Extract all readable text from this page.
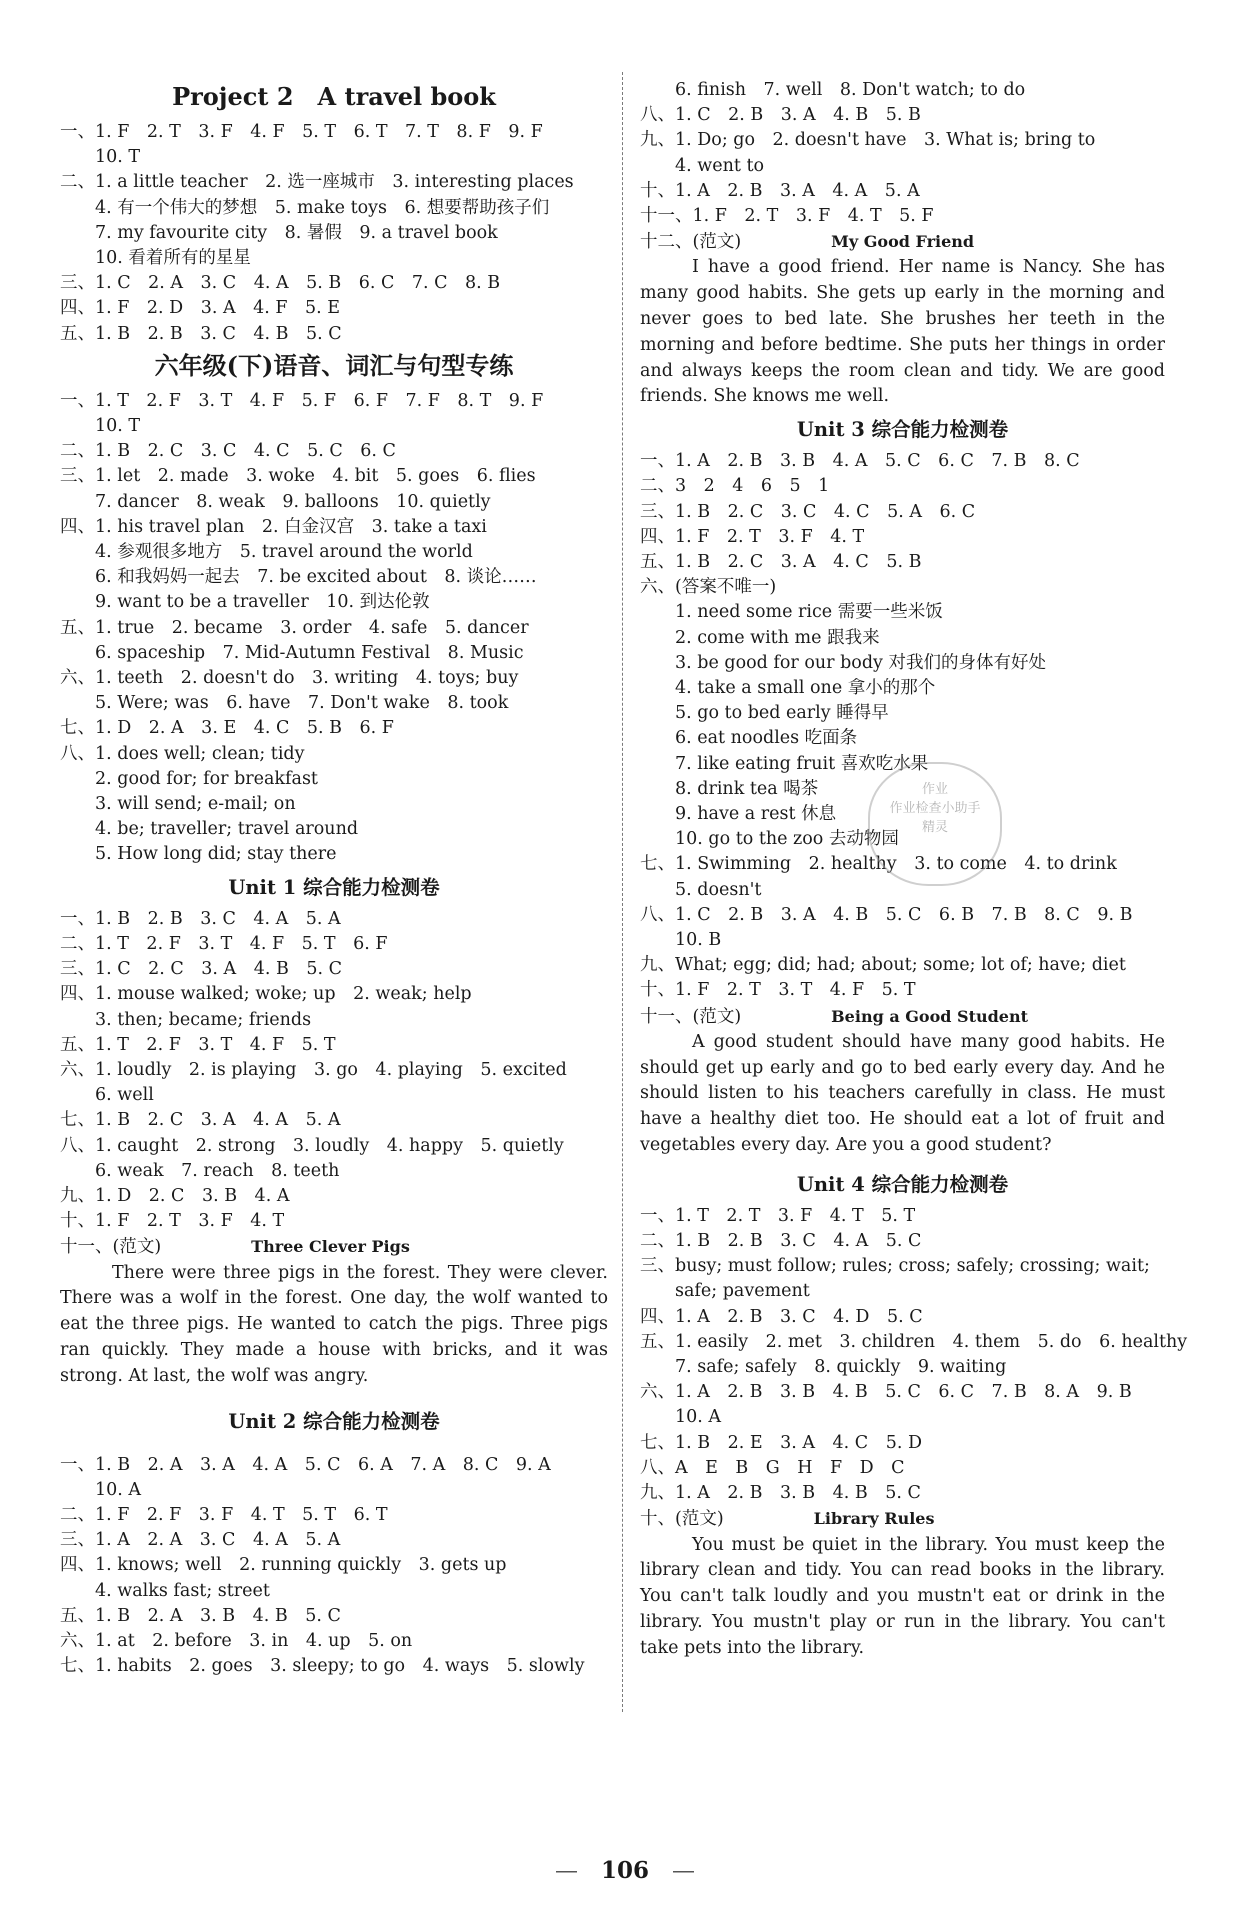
Project 2　A travel book
一、1. F　2. T　3. F　4. F　5. T　6. T　7. T　8. F　9. F
10. T
二、1. a little teacher　2. 选一座城市　3. interesting places
4. 有一个伟大的梦想　5. make toys　6. 想要帮助孩子们
7. my favourite city　8. 暑假　9. a travel book
10. 看着所有的星星
三、1. C　2. A　3. C　4. A　5. B　6. C　7. C　8. B
四、1. F　2. D　3. A　4. F　5. E
五、1. B　2. B　3. C　4. B　5. C
六年级(下)语音、词汇与句型专练
一、1. T　2. F　3. T　4. F　5. F　6. F　7. F　8. T　9. F
10. T
二、1. B　2. C　3. C　4. C　5. C　6. C
三、1. let　2. made　3. woke　4. bit　5. goes　6. flies
7. dancer　8. weak　9. balloons　10. quietly
四、1. his travel plan　2. 白金汉宫　3. take a taxi
4. 参观很多地方　5. travel around the world
6. 和我妈妈一起去　7. be excited about　8. 谈论……
9. want to be a traveller　10. 到达伦敦
五、1. true　2. became　3. order　4. safe　5. dancer
6. spaceship　7. Mid-Autumn Festival　8. Music
六、1. teeth　2. doesn't do　3. writing　4. toys; buy
5. Were; was　6. have　7. Don't wake　8. took
七、1. D　2. A　3. E　4. C　5. B　6. F
八、1. does well; clean; tidy
2. good for; for breakfast
3. will send; e-mail; on
4. be; traveller; travel around
5. How long did; stay there
Unit 1 综合能力检测卷
一、1. B　2. B　3. C　4. A　5. A
二、1. T　2. F　3. T　4. F　5. T　6. F
三、1. C　2. C　3. A　4. B　5. C
四、1. mouse walked; woke; up　2. weak; help
3. then; became; friends
五、1. T　2. F　3. T　4. F　5. T
六、1. loudly　2. is playing　3. go　4. playing　5. excited
6. well
七、1. B　2. C　3. A　4. A　5. A
八、1. caught　2. strong　3. loudly　4. happy　5. quietly
6. weak　7. reach　8. teeth
九、1. D　2. C　3. B　4. A
十、1. F　2. T　3. F　4. T
十一、(范文)	Three Clever Pigs

There were three pigs in the forest. They were clever. There was a wolf in the forest. One day, the wolf wanted to eat the three pigs. He wanted to catch the pigs. Three pigs ran quickly. They made a house with bricks, and it was strong. At last, the wolf was angry.

Unit 2 综合能力检测卷
一、1. B　2. A　3. A　4. A　5. C　6. A　7. A　8. C　9. A
10. A
二、1. F　2. F　3. F　4. T　5. T　6. T
三、1. A　2. A　3. C　4. A　5. A
四、1. knows; well　2. running quickly　3. gets up
4. walks fast; street
五、1. B　2. A　3. B　4. B　5. C
六、1. at　2. before　3. in　4. up　5. on
七、1. habits　2. goes　3. sleepy; to go　4. ways　5. slowly
6. finish　7. well　8. Don't watch; to do
八、1. C　2. B　3. A　4. B　5. B
九、1. Do; go　2. doesn't have　3. What is; bring to
4. went to
十、1. A　2. B　3. A　4. A　5. A
十一、1. F　2. T　3. F　4. T　5. F
十二、(范文)	My Good Friend

I have a good friend. Her name is Nancy. She has many good habits. She gets up early in the morning and never goes to bed late. She brushes her teeth in the morning and before bedtime. She puts her things in order and always keeps the room clean and tidy. We are good friends. She knows me well.

Unit 3 综合能力检测卷
一、1. A　2. B　3. B　4. A　5. C　6. C　7. B　8. C
二、3　2　4　6　5　1
三、1. B　2. C　3. C　4. C　5. A　6. C
四、1. F　2. T　3. F　4. T
五、1. B　2. C　3. A　4. C　5. B
六、(答案不唯一)
1. need some rice 需要一些米饭
2. come with me 跟我来
3. be good for our body 对我们的身体有好处
4. take a small one 拿小的那个
5. go to bed early 睡得早
6. eat noodles 吃面条
7. like eating fruit 喜欢吃水果
8. drink tea 喝茶
9. have a rest 休息
10. go to the zoo 去动物园
七、1. Swimming　2. healthy　3. to come　4. to drink
5. doesn't
八、1. C　2. B　3. A　4. B　5. C　6. B　7. B　8. C　9. B
10. B
九、What; egg; did; had; about; some; lot of; have; diet
十、1. F　2. T　3. T　4. F　5. T
十一、(范文)	Being a Good Student

A good student should have many good habits. He should get up early and go to bed early every day. And he should listen to his teachers carefully in class. He must have a healthy diet too. He should eat a lot of fruit and vegetables every day. Are you a good student?

Unit 4 综合能力检测卷
一、1. T　2. T　3. F　4. T　5. T
二、1. B　2. B　3. C　4. A　5. C
三、busy; must follow; rules; cross; safely; crossing; wait;
safe; pavement
四、1. A　2. B　3. C　4. D　5. C
五、1. easily　2. met　3. children　4. them　5. do　6. healthy
7. safe; safely　8. quickly　9. waiting
六、1. A　2. B　3. B　4. B　5. C　6. C　7. B　8. A　9. B
10. A
七、1. B　2. E　3. A　4. C　5. D
八、A　E　B　G　H　F　D　C
九、1. A　2. B　3. B　4. B　5. C
十、(范文)	Library Rules

You must be quiet in the library. You must keep the library clean and tidy. You can read books in the library. You can't talk loudly and you mustn't eat or drink in the library. You mustn't play or run in the library. You can't take pets into the library.

作业
作业检查小助手
精灵
—　106　—
